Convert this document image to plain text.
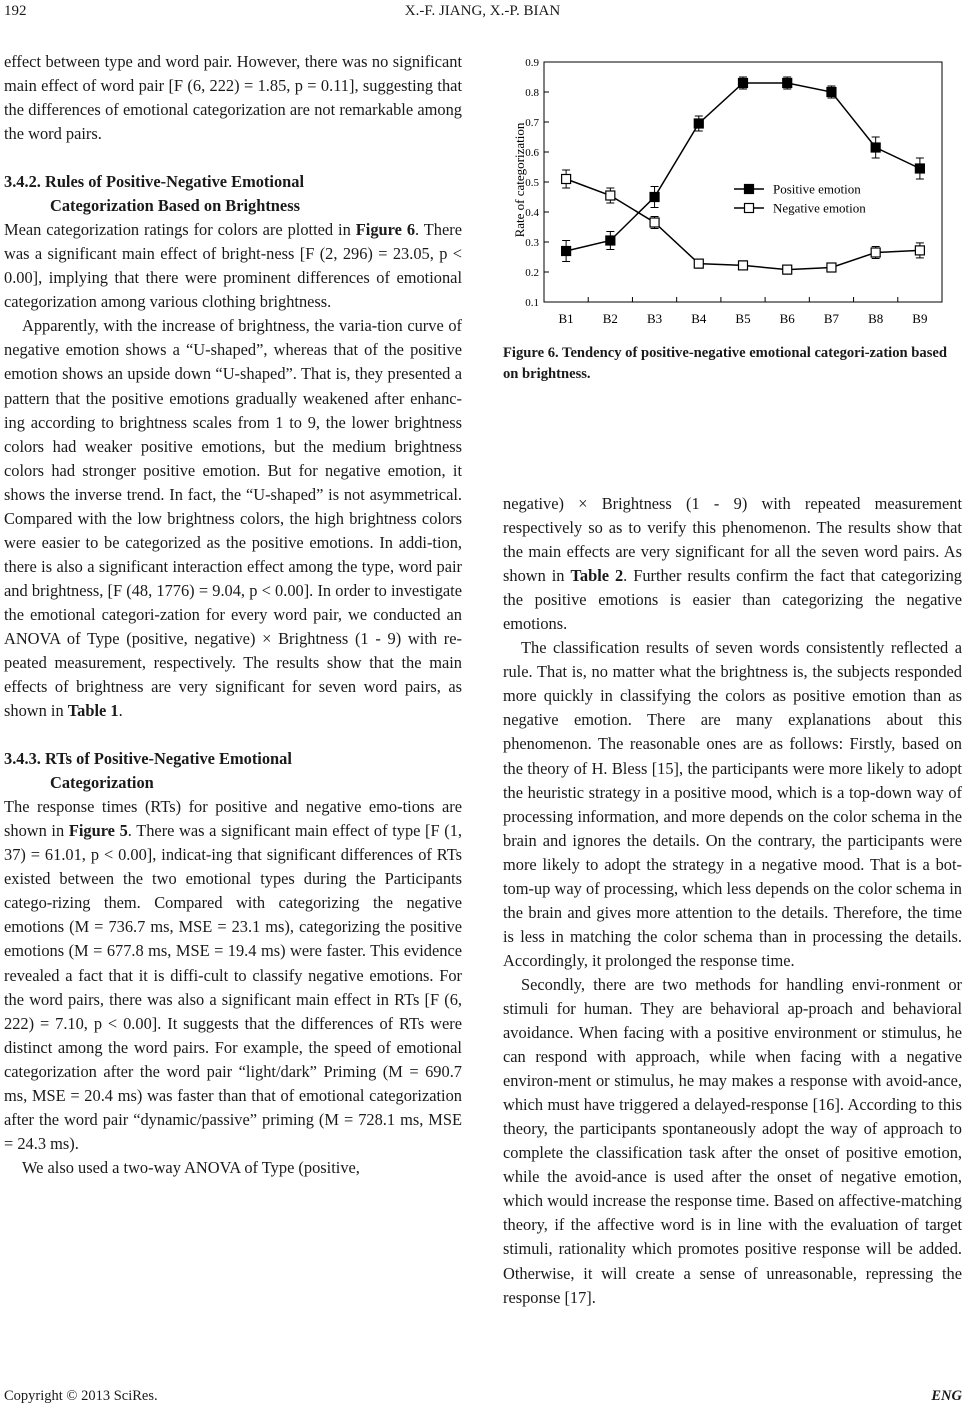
192	X.-F. JIANG, X.-P. BIAN

effect between type and word pair. However, there was no significant main effect of word pair [F (6, 222) = 1.85, p = 0.11], suggesting that the differences of emotional categorization are not remarkable among the word pairs.

3.4.2. Rules of Positive-Negative Emotional
Categorization Based on Brightness

Mean categorization ratings for colors are plotted in Figure 6. There was a significant main effect of bright-ness [F (2, 296) = 23.05, p < 0.00], implying that there were prominent differences of emotional categorization among various clothing brightness.

Apparently, with the increase of brightness, the varia-tion curve of negative emotion shows a “U-shaped”, whereas that of the positive emotion shows an upside down “U-shaped”. That is, they presented a pattern that the positive emotions gradually weakened after enhanc-ing according to brightness scales from 1 to 9, the lower brightness colors had weaker positive emotions, but the medium brightness colors had stronger positive emotion. But for negative emotion, it shows the inverse trend. In fact, the “U-shaped” is not asymmetrical. Compared with the low brightness colors, the high brightness colors were easier to be categorized as the positive emotions. In addi-tion, there is also a significant interaction effect among the type, word pair and brightness, [F (48, 1776) = 9.04, p < 0.00]. In order to investigate the emotional categori-zation for every word pair, we conducted an ANOVA of Type (positive, negative) × Brightness (1 - 9) with re-peated measurement, respectively. The results show that the main effects of brightness are very significant for seven word pairs, as shown in Table 1.

3.4.3. RTs of Positive-Negative Emotional
Categorization

The response times (RTs) for positive and negative emo-tions are shown in Figure 5. There was a significant main effect of type [F (1, 37) = 61.01, p < 0.00], indicat-ing that significant differences of RTs existed between the two emotional types during the Participants catego-rizing them. Compared with categorizing the negative emotions (M = 736.7 ms, MSE = 23.1 ms), categorizing the positive emotions (M = 677.8 ms, MSE = 19.4 ms) were faster. This evidence revealed a fact that it is diffi-cult to classify negative emotions. For the word pairs, there was also a significant main effect in RTs [F (6, 222) = 7.10, p < 0.00]. It suggests that the differences of RTs were distinct among the word pairs. For example, the speed of emotional categorization after the word pair “light/dark” Priming (M = 690.7 ms, MSE = 20.4 ms) was faster than that of emotional categorization after the word pair “dynamic/passive” priming (M = 728.1 ms, MSE = 24.3 ms).

We also used a two-way ANOVA of Type (positive,

0.1
0.2
0.3
0.4
0.5
0.6
0.7
0.8
0.9
B1 B2 B3 B4 B5 B6 B7 B8 B9
Rate of categorization	Positive emotion
Negative emotion
Figure 6. Tendency of positive-negative emotional categori-zation based on brightness.

negative) × Brightness (1 - 9) with repeated measurement respectively so as to verify this phenomenon. The results show that the main effects are very significant for all the seven word pairs. As shown in Table 2. Further results confirm the fact that categorizing the positive emotions is easier than categorizing the negative emotions.

The classification results of seven words consistently reflected a rule. That is, no matter what the brightness is, the subjects responded more quickly in classifying the colors as positive emotion than as negative emotion. There are many explanations about this phenomenon. The reasonable ones are as follows: Firstly, based on the theory of H. Bless [15], the participants were more likely to adopt the heuristic strategy in a positive mood, which is a top-down way of processing information, and more depends on the color schema in the brain and ignores the details. On the contrary, the participants were more likely to adopt the strategy in a negative mood. That is a bot-tom-up way of processing, which less depends on the color schema in the brain and gives more attention to the details. Therefore, the time is less in matching the color schema than in processing the details. Accordingly, it prolonged the response time.

Secondly, there are two methods for handling envi-ronment or stimuli for human. They are behavioral ap-proach and behavioral avoidance. When facing with a positive environment or stimulus, he can respond with approach, while when facing with a negative environ-ment or stimulus, he may makes a response with avoid-ance, which must have triggered a delayed-response [16]. According to this theory, the participants spontaneously adopt the way of approach to complete the classification task after the onset of positive emotion, while the avoid-ance is used after the onset of negative emotion, which would increase the response time. Based on affective-matching theory, if the affective word is in line with the evaluation of target stimuli, rationality which promotes positive response will be added. Otherwise, it will create a sense of unreasonable, repressing the response [17].

Copyright © 2013 SciRes.	ENG
